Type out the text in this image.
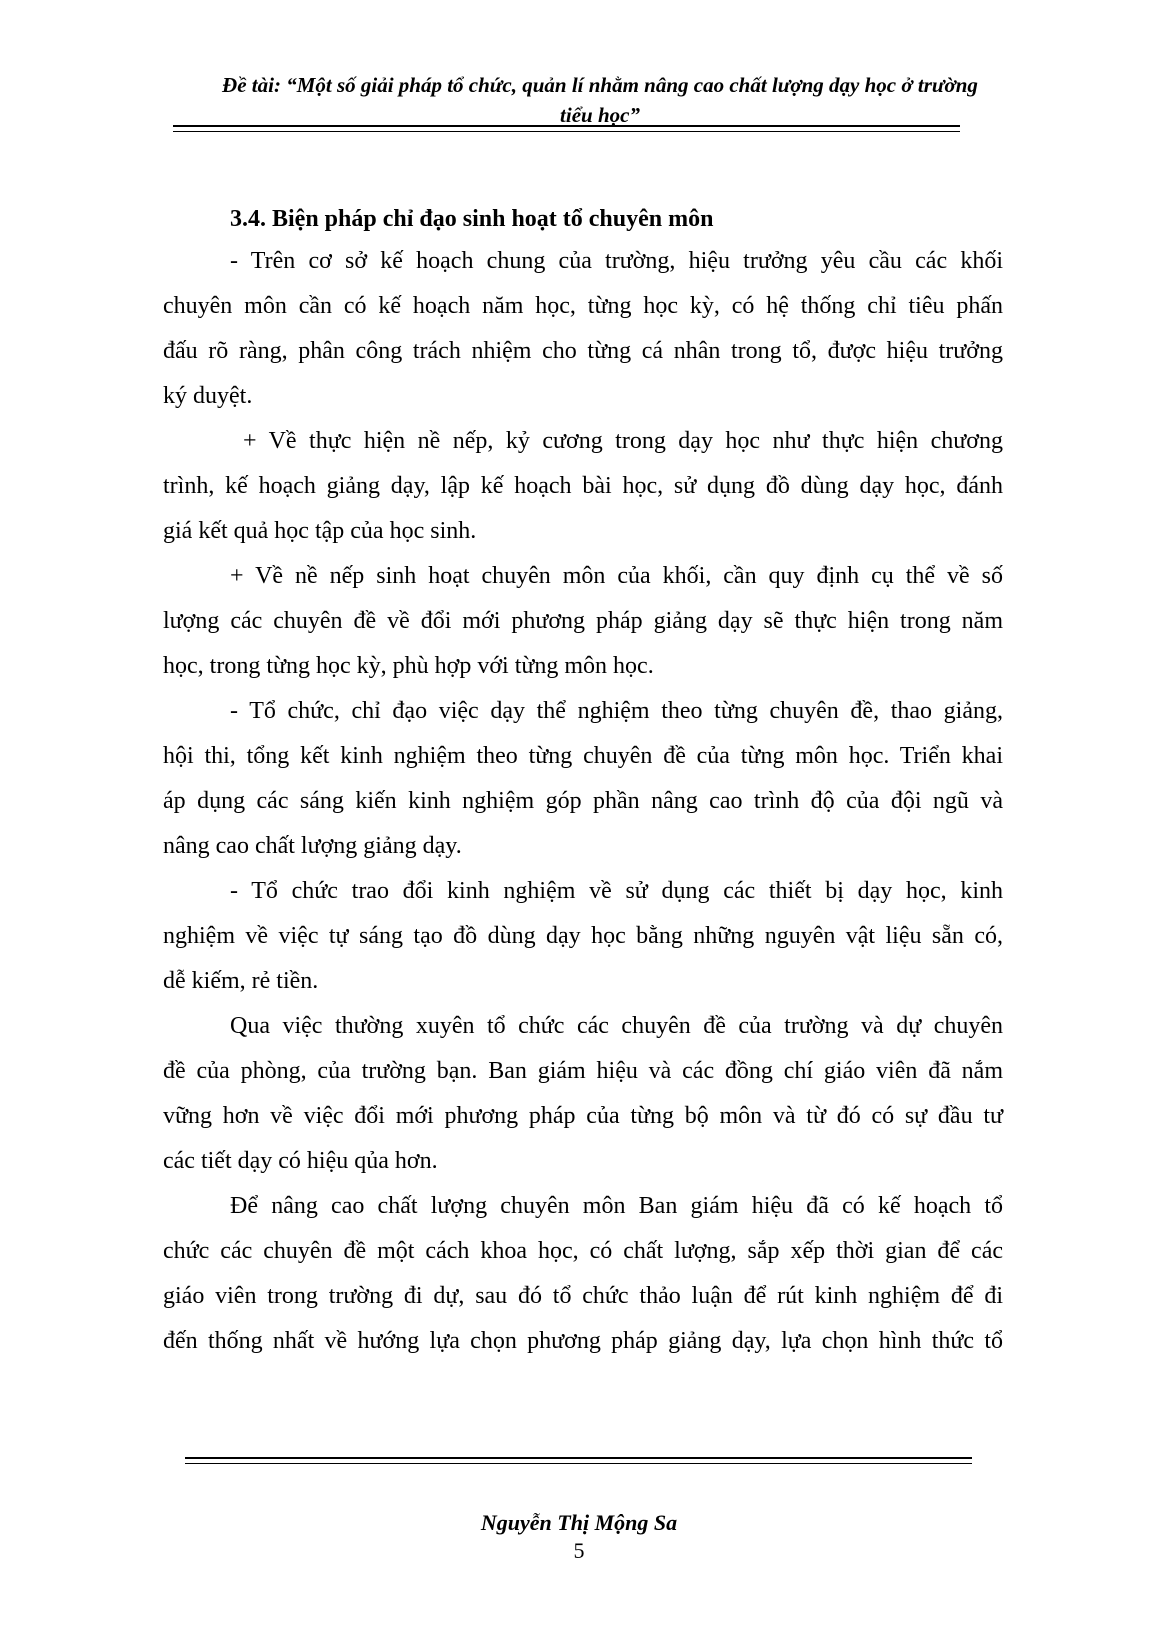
Đề tài: “Một số giải pháp tổ chức, quản lí nhằm nâng cao chất lượng dạy học ở trường
tiểu học”
3.4. Biện pháp chỉ đạo sinh hoạt tổ chuyên môn
- Trên cơ sở kế hoạch chung của trường, hiệu trưởng yêu cầu các khối
chuyên môn cần có kế hoạch năm học, từng học kỳ, có hệ thống chỉ tiêu phấn
đấu rõ ràng, phân công trách nhiệm cho từng cá nhân trong tổ, được hiệu trưởng
ký duyệt.
+ Về thực hiện nề nếp, kỷ cương trong dạy học như thực hiện chương
trình, kế hoạch giảng dạy, lập kế hoạch bài học, sử dụng đồ dùng dạy học, đánh
giá kết quả học tập của học sinh.
+ Về nề nếp sinh hoạt chuyên môn của khối, cần quy định cụ thể về số
lượng các chuyên đề về đổi mới phương pháp giảng dạy sẽ thực hiện trong năm
học, trong từng học kỳ, phù hợp với từng môn học.
- Tổ chức, chỉ đạo việc dạy thể nghiệm theo từng chuyên đề, thao giảng,
hội thi, tổng kết kinh nghiệm theo từng chuyên đề của từng môn học. Triển khai
áp dụng các sáng kiến kinh nghiệm góp phần nâng cao trình độ của đội ngũ và
nâng cao chất lượng giảng dạy.
- Tổ chức trao đổi kinh nghiệm về sử dụng các thiết bị dạy học, kinh
nghiệm về việc tự sáng tạo đồ dùng dạy học bằng những nguyên vật liệu sẵn có,
dễ kiếm, rẻ tiền.
Qua việc thường xuyên tổ chức các chuyên đề của trường và dự chuyên
đề của phòng, của trường bạn. Ban giám hiệu và các đồng chí giáo viên đã nắm
vững hơn về việc đổi mới phương pháp của từng bộ môn và từ đó có sự đầu tư
các tiết dạy có hiệu qủa hơn.
Để nâng cao chất lượng chuyên môn Ban giám hiệu đã có kế hoạch tổ
chức các chuyên đề một cách khoa học, có chất lượng, sắp xếp thời gian để các
giáo viên trong trường đi dự, sau đó tổ chức thảo luận để rút kinh nghiệm để đi
đến thống nhất về hướng lựa chọn phương pháp giảng dạy, lựa chọn hình thức tổ
Nguyễn Thị Mộng Sa
5
